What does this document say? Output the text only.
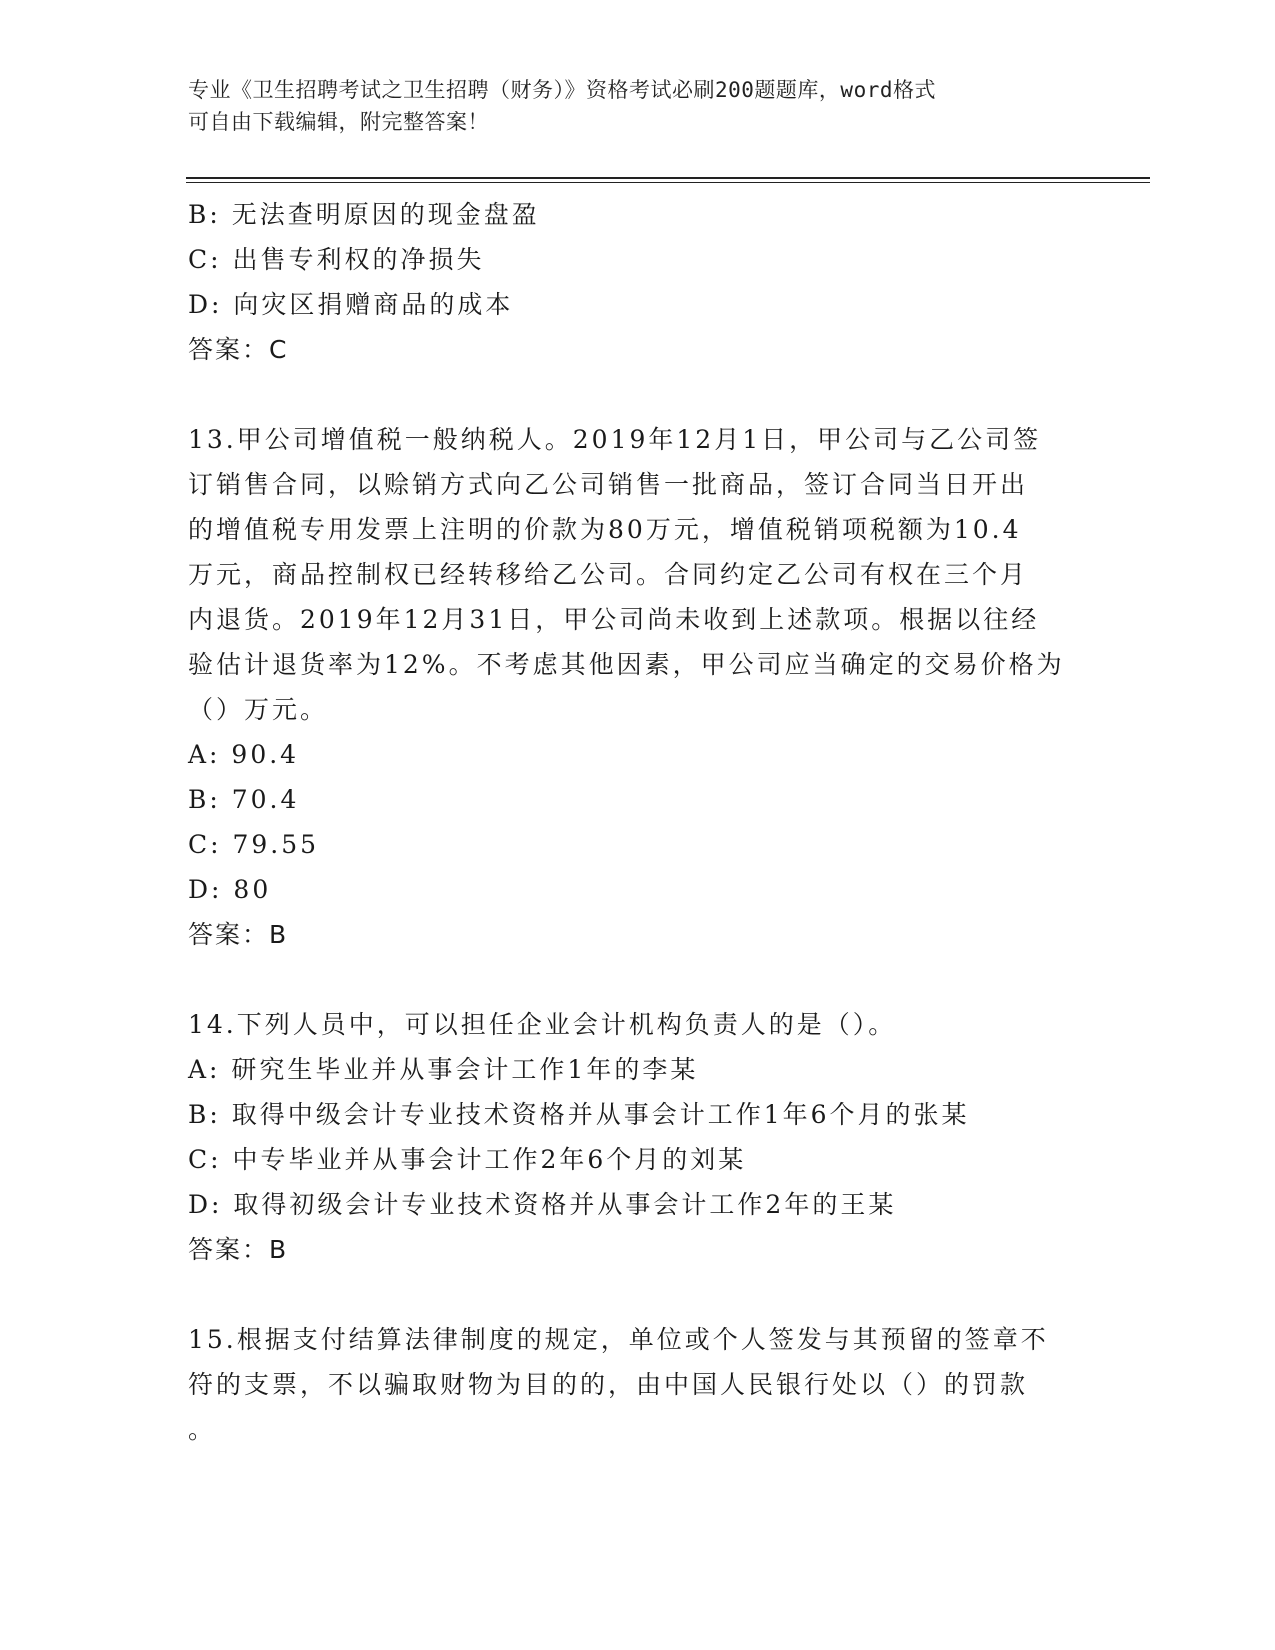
专业《卫生招聘考试之卫生招聘（财务）》资格考试必刷200题题库，word格式
可自由下载编辑，附完整答案！
B: 无法查明原因的现金盘盈
C: 出售专利权的净损失
D: 向灾区捐赠商品的成本
答案：C
13.甲公司增值税一般纳税人。2019年12月1日，甲公司与乙公司签
订销售合同，以赊销方式向乙公司销售一批商品，签订合同当日开出
的增值税专用发票上注明的价款为80万元，增值税销项税额为10.4
万元，商品控制权已经转移给乙公司。合同约定乙公司有权在三个月
内退货。2019年12月31日，甲公司尚未收到上述款项。根据以往经
验估计退货率为12%。不考虑其他因素，甲公司应当确定的交易价格为
（）万元。
A: 90.4
B: 70.4
C: 79.55
D: 80
答案：B
14.下列人员中，可以担任企业会计机构负责人的是（）。
A: 研究生毕业并从事会计工作1年的李某
B: 取得中级会计专业技术资格并从事会计工作1年6个月的张某
C: 中专毕业并从事会计工作2年6个月的刘某
D: 取得初级会计专业技术资格并从事会计工作2年的王某
答案：B
15.根据支付结算法律制度的规定，单位或个人签发与其预留的签章不
符的支票，不以骗取财物为目的的，由中国人民银行处以（）的罚款
。
